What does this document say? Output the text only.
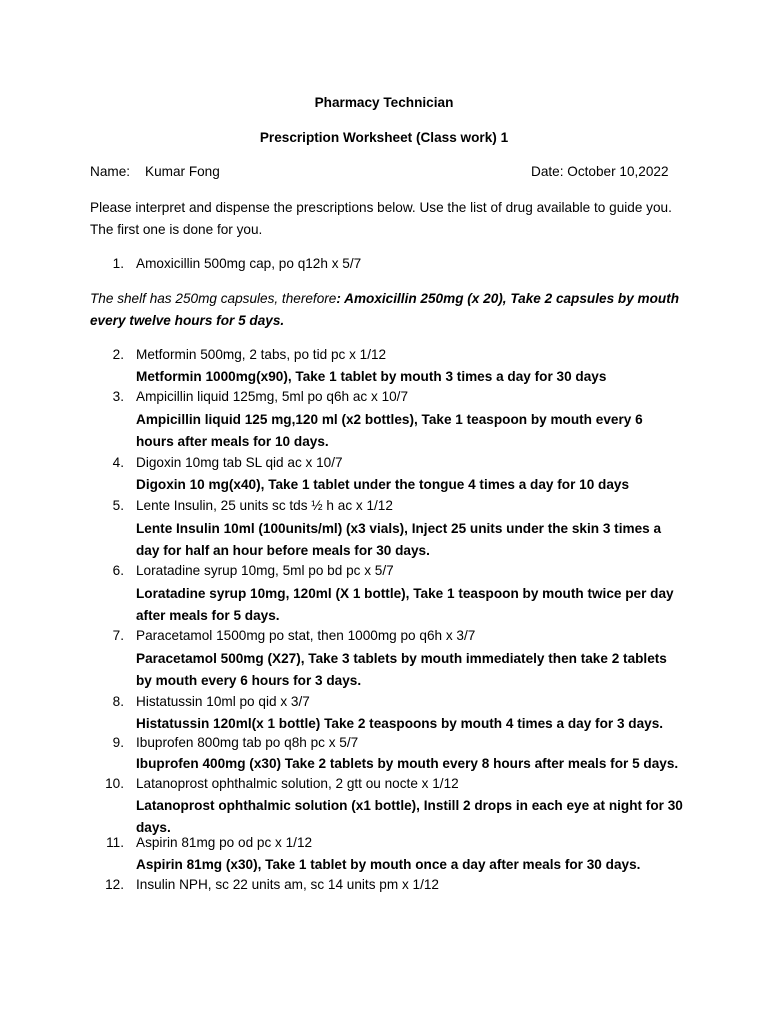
Pharmacy Technician
Prescription Worksheet (Class work) 1
Name: Kumar Fong	Date: October 10,2022
Please interpret and dispense the prescriptions below. Use the list of drug available to guide you. The first one is done for you.
1. Amoxicillin 500mg cap, po q12h x 5/7
The shelf has 250mg capsules, therefore: Amoxicillin 250mg (x 20), Take 2 capsules by mouth every twelve hours for 5 days.
2. Metformin 500mg, 2 tabs, po tid pc x 1/12
Metformin 1000mg(x90), Take 1 tablet by mouth 3 times a day for 30 days
3. Ampicillin liquid 125mg, 5ml po q6h ac x 10/7
Ampicillin liquid 125 mg,120 ml (x2 bottles), Take 1 teaspoon by mouth every 6 hours after meals for 10 days.
4. Digoxin 10mg tab SL qid ac x 10/7
Digoxin 10 mg(x40), Take 1 tablet under the tongue 4 times a day for 10 days
5. Lente Insulin, 25 units sc tds ½ h ac x 1/12
Lente Insulin 10ml (100units/ml) (x3 vials), Inject 25 units under the skin 3 times a day for half an hour before meals for 30 days.
6. Loratadine syrup 10mg, 5ml po bd pc x 5/7
Loratadine syrup 10mg, 120ml (X 1 bottle), Take 1 teaspoon by mouth twice per day after meals for 5 days.
7. Paracetamol 1500mg po stat, then 1000mg po q6h x 3/7
Paracetamol 500mg (X27), Take 3 tablets by mouth immediately then take 2 tablets by mouth every 6 hours for 3 days.
8. Histatussin 10ml po qid x 3/7
Histatussin 120ml(x 1 bottle) Take 2 teaspoons by mouth 4 times a day for 3 days.
9. Ibuprofen 800mg tab po q8h pc x 5/7
Ibuprofen 400mg (x30) Take 2 tablets by mouth every 8 hours after meals for 5 days.
10. Latanoprost ophthalmic solution, 2 gtt ou nocte x 1/12
Latanoprost ophthalmic solution (x1 bottle), Instill 2 drops in each eye at night for 30 days.
11. Aspirin 81mg po od pc x 1/12
Aspirin 81mg (x30), Take 1 tablet by mouth once a day after meals for 30 days.
12. Insulin NPH, sc 22 units am, sc 14 units pm x 1/12
